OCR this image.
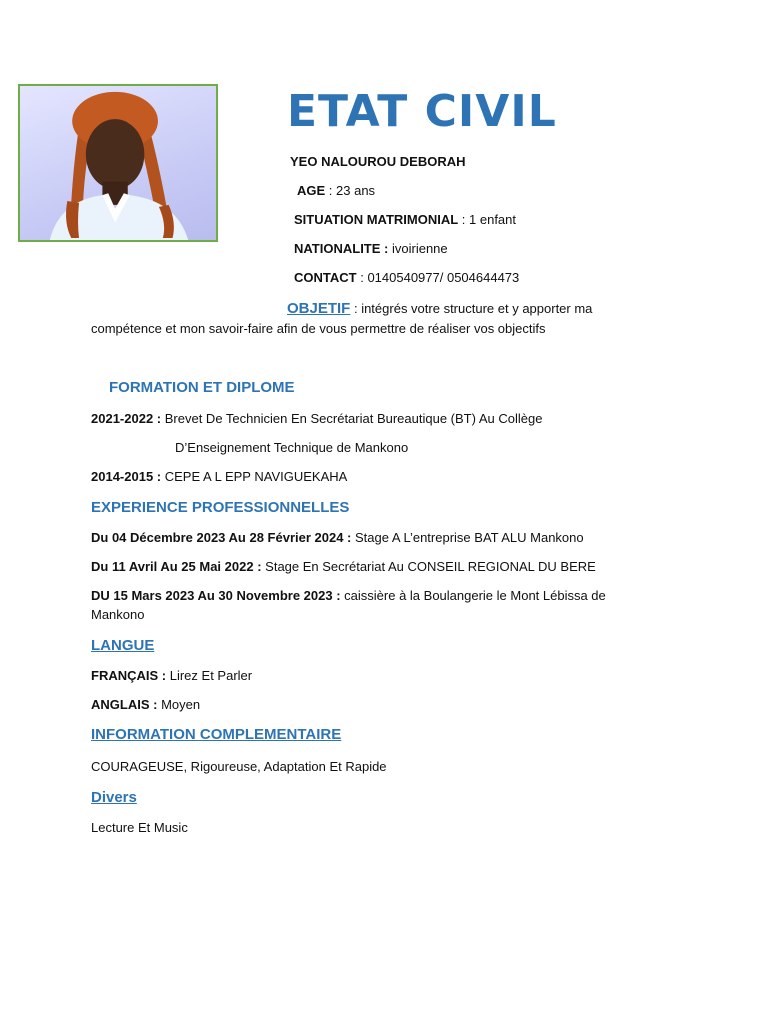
ETAT CIVIL
YEO NALOUROU DEBORAH
AGE : 23 ans
SITUATION MATRIMONIAL : 1 enfant
NATIONALITE : ivoirienne
CONTACT : 0140540977/ 0504644473
OBJETIF : intégrés votre structure et y apporter ma
compétence et mon savoir-faire afin de vous permettre de réaliser vos objectifs
FORMATION ET DIPLOME
2021-2022 : Brevet De Technicien En Secrétariat Bureautique (BT) Au Collège
D’Enseignement Technique de Mankono
2014-2015 : CEPE A L EPP NAVIGUEKAHA
EXPERIENCE PROFESSIONNELLES
Du 04 Décembre 2023 Au 28 Février 2024 : Stage A L’entreprise BAT ALU Mankono
Du 11 Avril Au 25 Mai 2022 : Stage En Secrétariat Au CONSEIL REGIONAL DU BERE
DU 15 Mars 2023 Au 30 Novembre 2023 : caissière à la Boulangerie le Mont Lébissa de
Mankono
LANGUE
FRANÇAIS : Lirez Et Parler
ANGLAIS : Moyen
INFORMATION COMPLEMENTAIRE
COURAGEUSE, Rigoureuse, Adaptation Et Rapide
Divers
Lecture Et Music
